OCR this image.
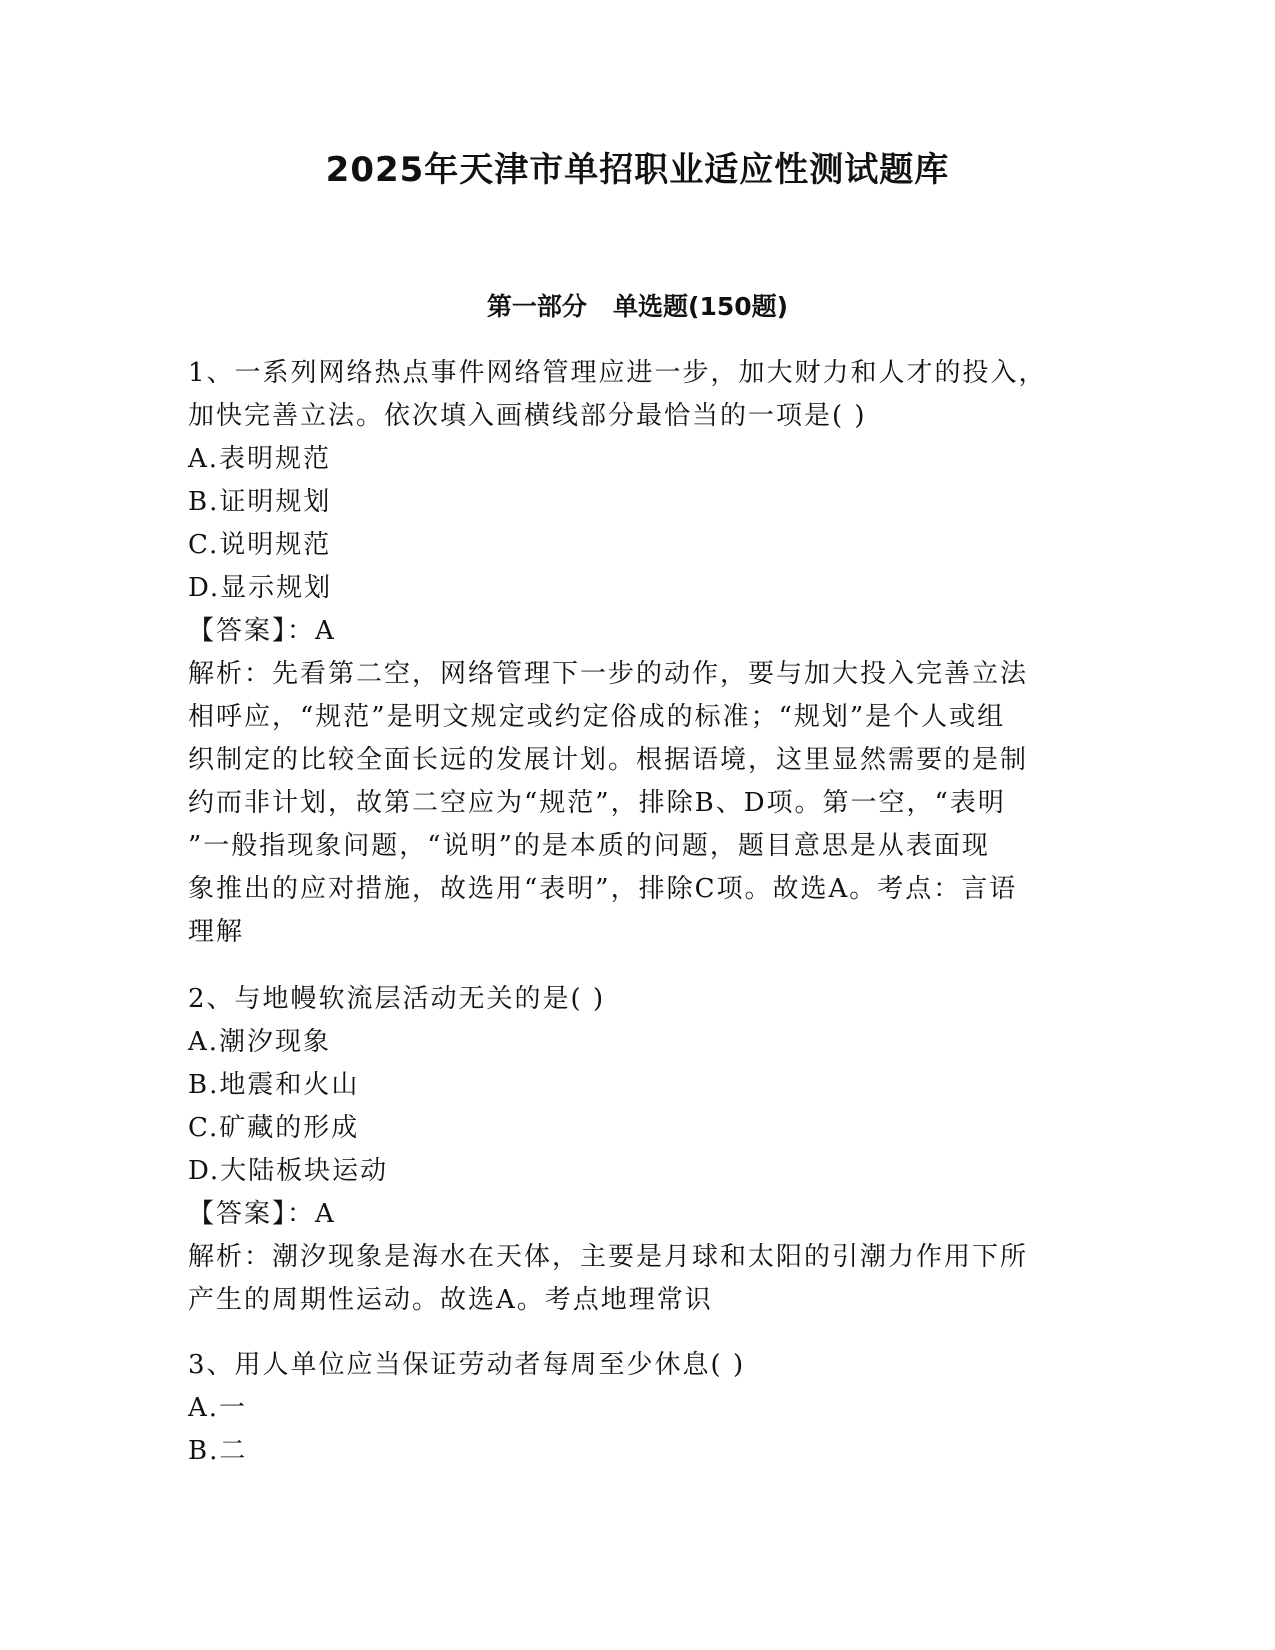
2025年天津市单招职业适应性测试题库
第一部分   单选题(150题)
1、一系列网络热点事件网络管理应进一步，加大财力和人才的投入，
加快完善立法。依次填入画横线部分最恰当的一项是( )
A.表明规范
B.证明规划
C.说明规范
D.显示规划
【答案】：A
解析：先看第二空，网络管理下一步的动作，要与加大投入完善立法
相呼应，“规范”是明文规定或约定俗成的标准；“规划”是个人或组
织制定的比较全面长远的发展计划。根据语境，这里显然需要的是制
约而非计划，故第二空应为“规范”，排除B、D项。第一空，“表明
”一般指现象问题，“说明”的是本质的问题，题目意思是从表面现
象推出的应对措施，故选用“表明”，排除C项。故选A。考点：言语
理解
2、与地幔软流层活动无关的是( )
A.潮汐现象
B.地震和火山
C.矿藏的形成
D.大陆板块运动
【答案】：A
解析：潮汐现象是海水在天体，主要是月球和太阳的引潮力作用下所
产生的周期性运动。故选A。考点地理常识
3、用人单位应当保证劳动者每周至少休息( )
A.一
B.二
